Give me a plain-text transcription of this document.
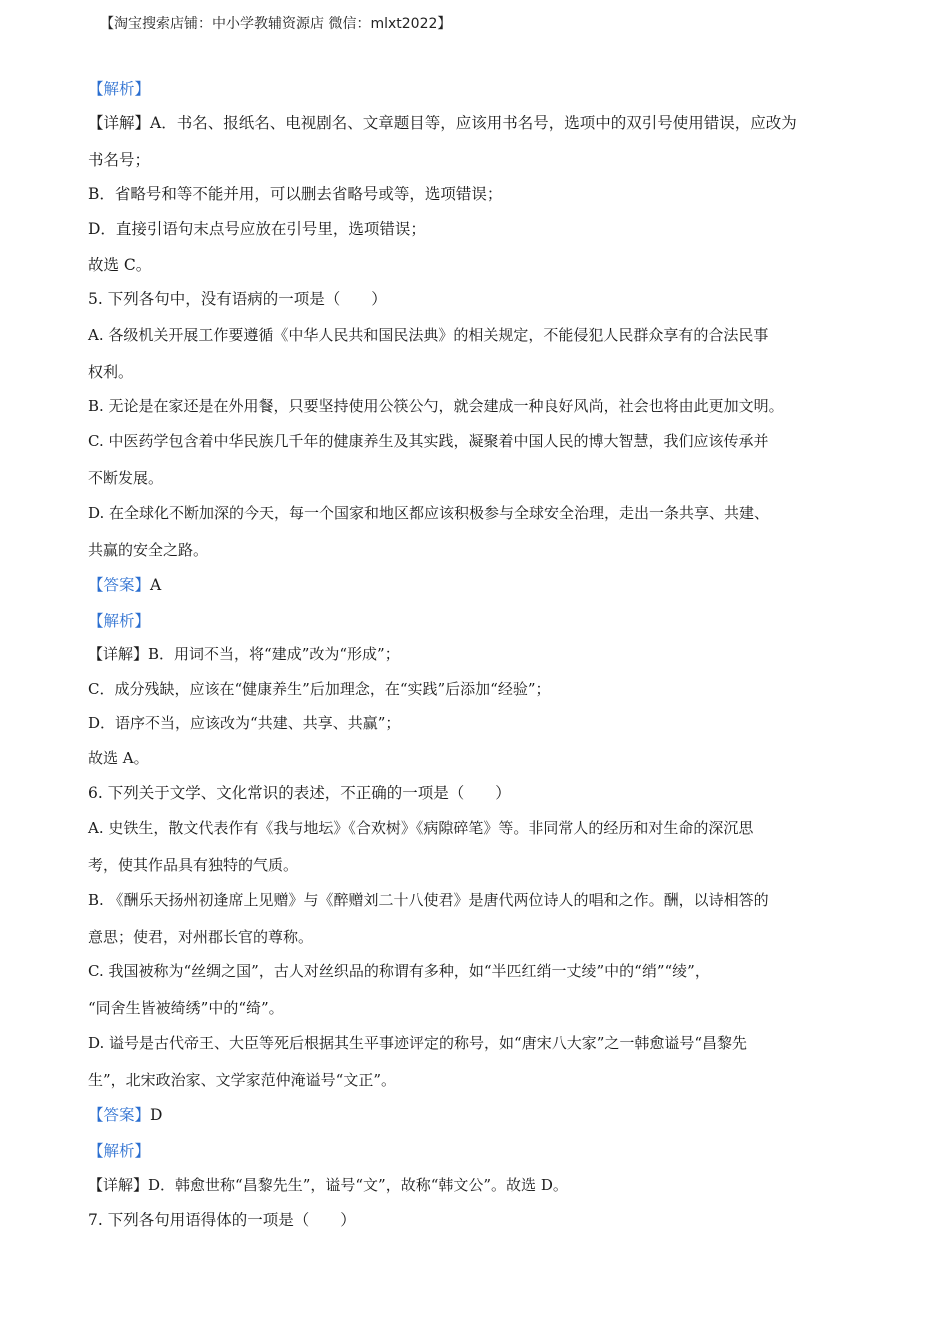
【淘宝搜索店铺：中小学教辅资源店 微信：mlxt2022】
【解析】
【详解】A．书名、报纸名、电视剧名、文章题目等，应该用书名号，选项中的双引号使用错误，应改为
书名号；
B．省略号和等不能并用，可以删去省略号或等，选项错误；
D．直接引语句末点号应放在引号里，选项错误；
故选 C。
5. 下列各句中，没有语病的一项是（　　）
A. 各级机关开展工作要遵循《中华人民共和国民法典》的相关规定，不能侵犯人民群众享有的合法民事
权利。
B. 无论是在家还是在外用餐，只要坚持使用公筷公勺，就会建成一种良好风尚，社会也将由此更加文明。
C. 中医药学包含着中华民族几千年的健康养生及其实践，凝聚着中国人民的博大智慧，我们应该传承并
不断发展。
D. 在全球化不断加深的今天，每一个国家和地区都应该积极参与全球安全治理，走出一条共享、共建、
共赢的安全之路。
【答案】A
【解析】
【详解】B．用词不当，将“建成”改为“形成”；
C．成分残缺，应该在“健康养生”后加理念，在“实践”后添加“经验”；
D．语序不当，应该改为“共建、共享、共赢”；
故选 A。
6. 下列关于文学、文化常识的表述，不正确的一项是（　　）
A. 史铁生，散文代表作有《我与地坛》《合欢树》《病隙碎笔》等。非同常人的经历和对生命的深沉思
考，使其作品具有独特的气质。
B. 《酬乐天扬州初逢席上见赠》与《醉赠刘二十八使君》是唐代两位诗人的唱和之作。酬，以诗相答的
意思；使君，对州郡长官的尊称。
C. 我国被称为“丝绸之国”，古人对丝织品的称谓有多种，如“半匹红绡一丈绫”中的“绡”“绫”，
“同舍生皆被绮绣”中的“绮”。
D. 谥号是古代帝王、大臣等死后根据其生平事迹评定的称号，如“唐宋八大家”之一韩愈谥号“昌黎先
生”，北宋政治家、文学家范仲淹谥号“文正”。
【答案】D
【解析】
【详解】D．韩愈世称“昌黎先生”，谥号“文”，故称“韩文公”。故选 D。
7. 下列各句用语得体的一项是（　　）
